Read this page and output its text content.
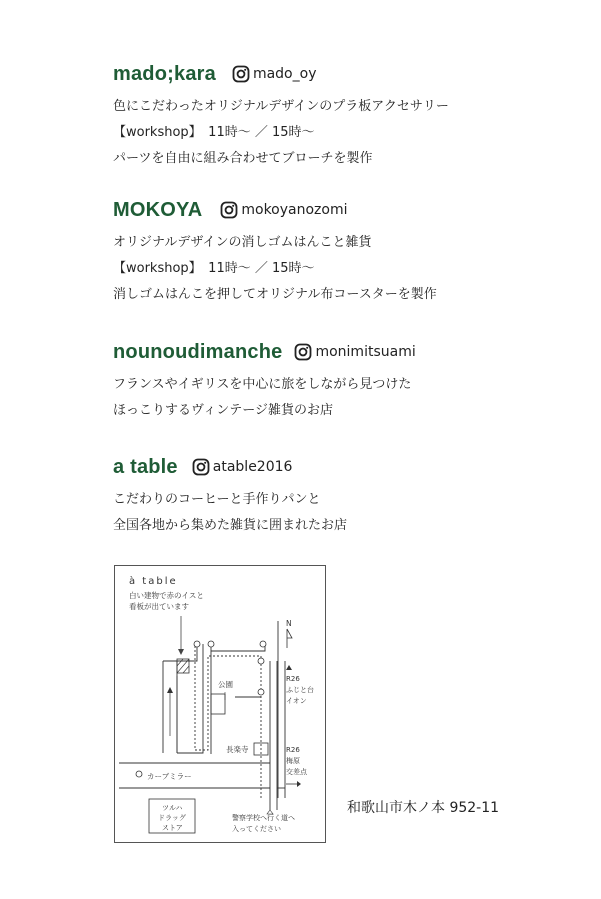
mado;kara	mado_oy
色にこだわったオリジナルデザインのプラ板アクセサリー
【workshop】　11時～ ／ 15時～
パーツを自由に組み合わせてブローチを製作
MOKOYA	mokoyanozomi
オリジナルデザインの消しゴムはんこと雑貨
【workshop】　11時～ ／ 15時～
消しゴムはんこを押してオリジナル布コースターを製作
nounoudimanche monimitsuami
フランスやイギリスを中心に旅をしながら見つけた
ほっこりするヴィンテージ雑貨のお店
a table	atable2016
こだわりのコーヒーと手作りパンと
全国各地から集めた雑貨に囲まれたお店
à table
白い建物で赤のイスと
看板が出ています
公園
長楽寺
N
R26
ふじと台
イオン
R26
梅原
交差点
カーブミラー
ツルハ
ドラッグ
ストア
警察学校へ行く道へ
入ってください
和歌山市木ノ本 952-11
